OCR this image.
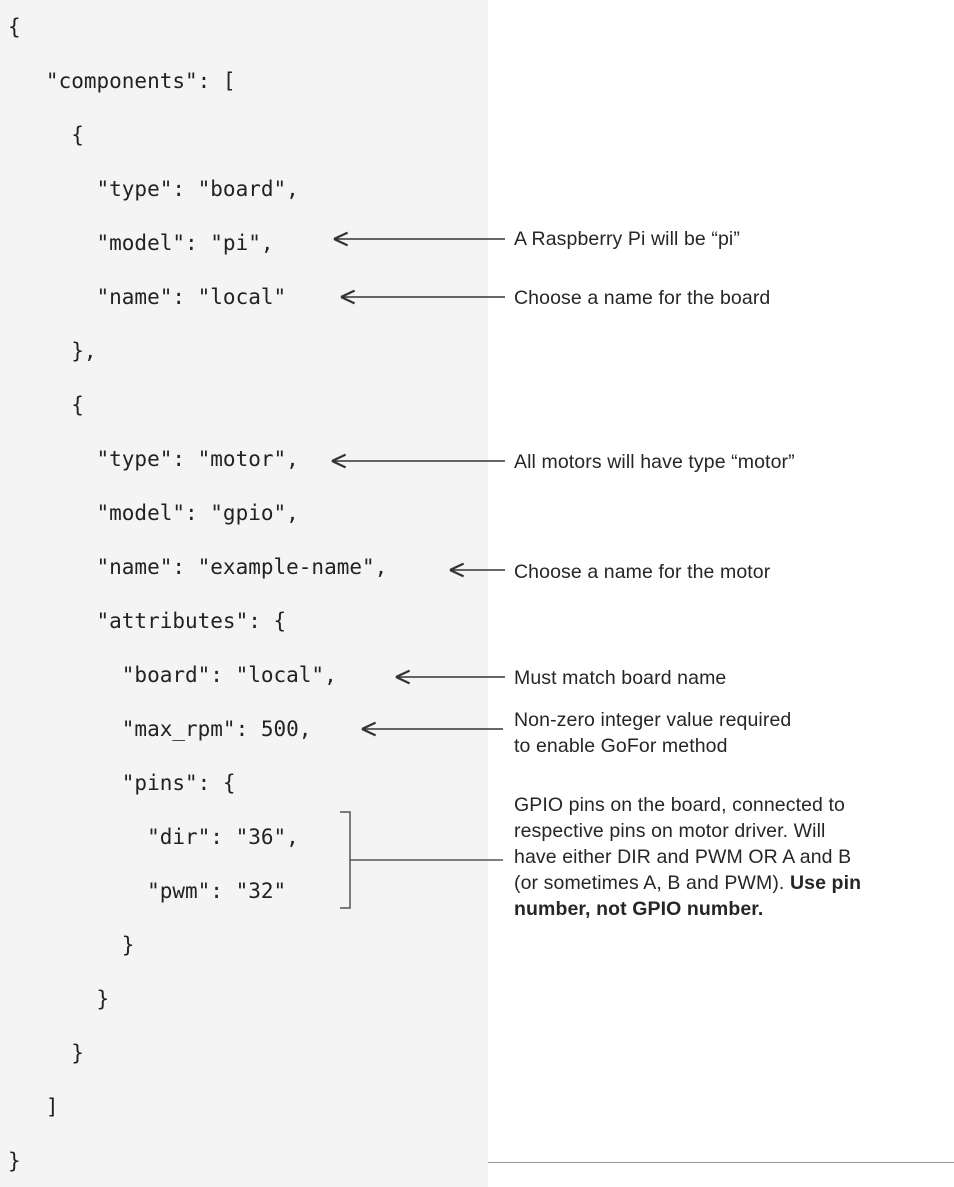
{
"components": [
{
"type": "board",
"model": "pi",
"name": "local"
},
{
"type": "motor",
"model": "gpio",
"name": "example-name",
"attributes": {
"board": "local",
"max_rpm": 500,
"pins": {
"dir": "36",
"pwm": "32"
}
}
}
]
}
A Raspberry Pi will be “pi”
Choose a name for the board
All motors will have type “motor”
Choose a name for the motor
Must match board name
Non-zero integer value required
to enable GoFor method
GPIO pins on the board, connected to
respective pins on motor driver. Will
have either DIR and PWM OR A and B
(or sometimes A, B and PWM). Use pin
number, not GPIO number.
